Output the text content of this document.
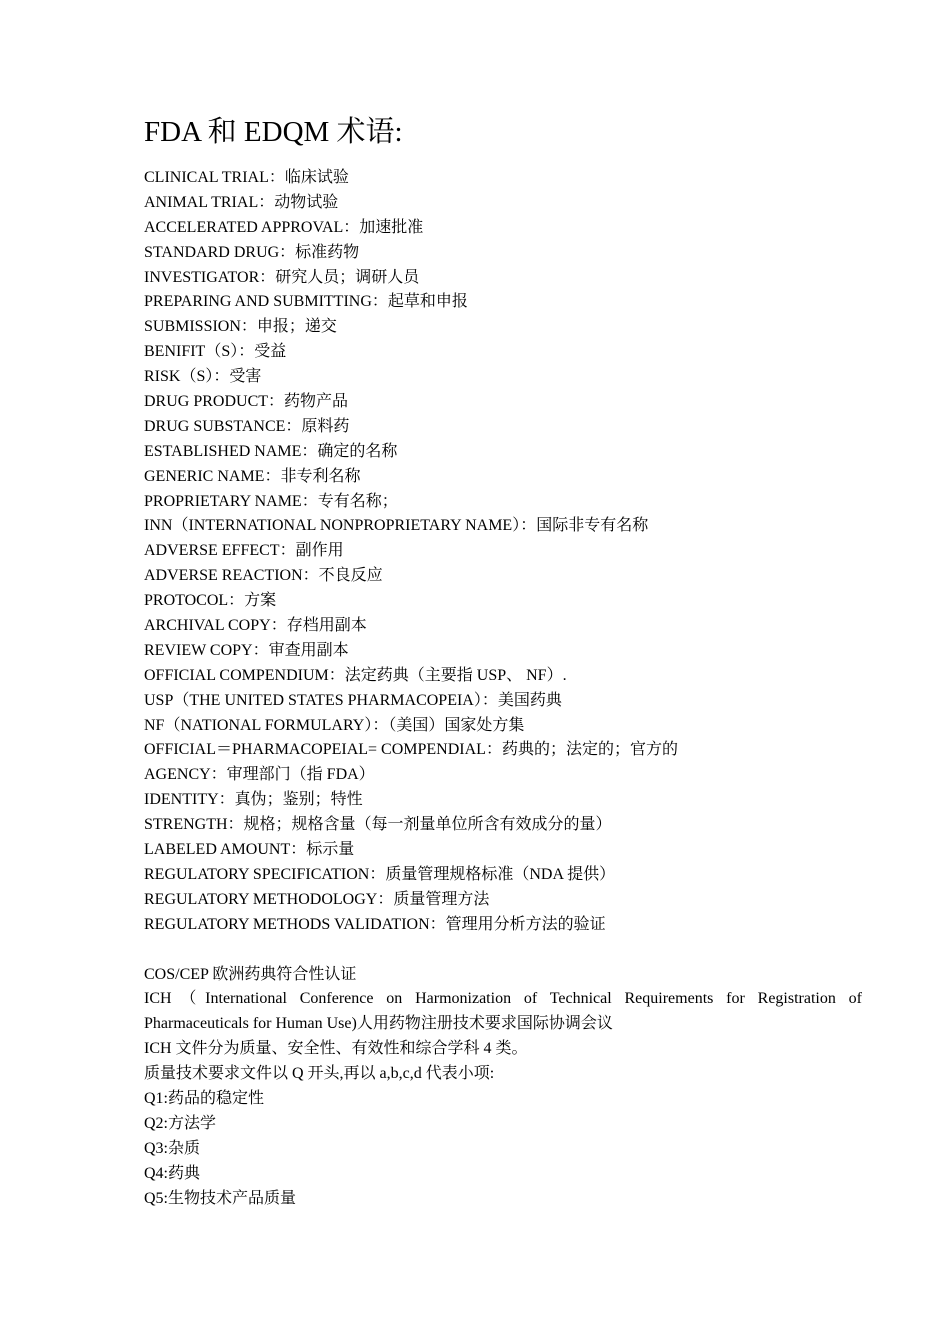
FDA 和 EDQM 术语:
CLINICAL TRIAL：临床试验
ANIMAL TRIAL：动物试验
ACCELERATED APPROVAL：加速批准
STANDARD DRUG：标准药物
INVESTIGATOR：研究人员；调研人员
PREPARING AND SUBMITTING：起草和申报
SUBMISSION：申报；递交
BENIFIT（S）：受益
RISK（S）：受害
DRUG PRODUCT：药物产品
DRUG SUBSTANCE：原料药
ESTABLISHED NAME：确定的名称
GENERIC NAME：非专利名称
PROPRIETARY NAME：专有名称；
INN（INTERNATIONAL NONPROPRIETARY NAME）：国际非专有名称
ADVERSE EFFECT：副作用
ADVERSE REACTION：不良反应
PROTOCOL：方案
ARCHIVAL COPY：存档用副本
REVIEW COPY：审查用副本
OFFICIAL COMPENDIUM：法定药典（主要指 USP、 NF）.
USP（THE UNITED STATES PHARMACOPEIA）：美国药典
NF（NATIONAL FORMULARY）：（美国）国家处方集
OFFICIAL＝PHARMACOPEIAL= COMPENDIAL：药典的；法定的；官方的
AGENCY：审理部门（指 FDA）
IDENTITY：真伪；鉴别；特性
STRENGTH：规格；规格含量（每一剂量单位所含有效成分的量）
LABELED AMOUNT：标示量
REGULATORY SPECIFICATION：质量管理规格标准（NDA 提供）
REGULATORY METHODOLOGY：质量管理方法
REGULATORY METHODS VALIDATION：管理用分析方法的验证
COS/CEP 欧洲药典符合性认证
ICH（International Conference on Harmonization of Technical Requirements for Registration of
Pharmaceuticals for Human Use)人用药物注册技术要求国际协调会议
ICH 文件分为质量、安全性、有效性和综合学科 4 类。
质量技术要求文件以 Q 开头,再以 a,b,c,d 代表小项:
Q1:药品的稳定性
Q2:方法学
Q3:杂质
Q4:药典
Q5:生物技术产品质量
